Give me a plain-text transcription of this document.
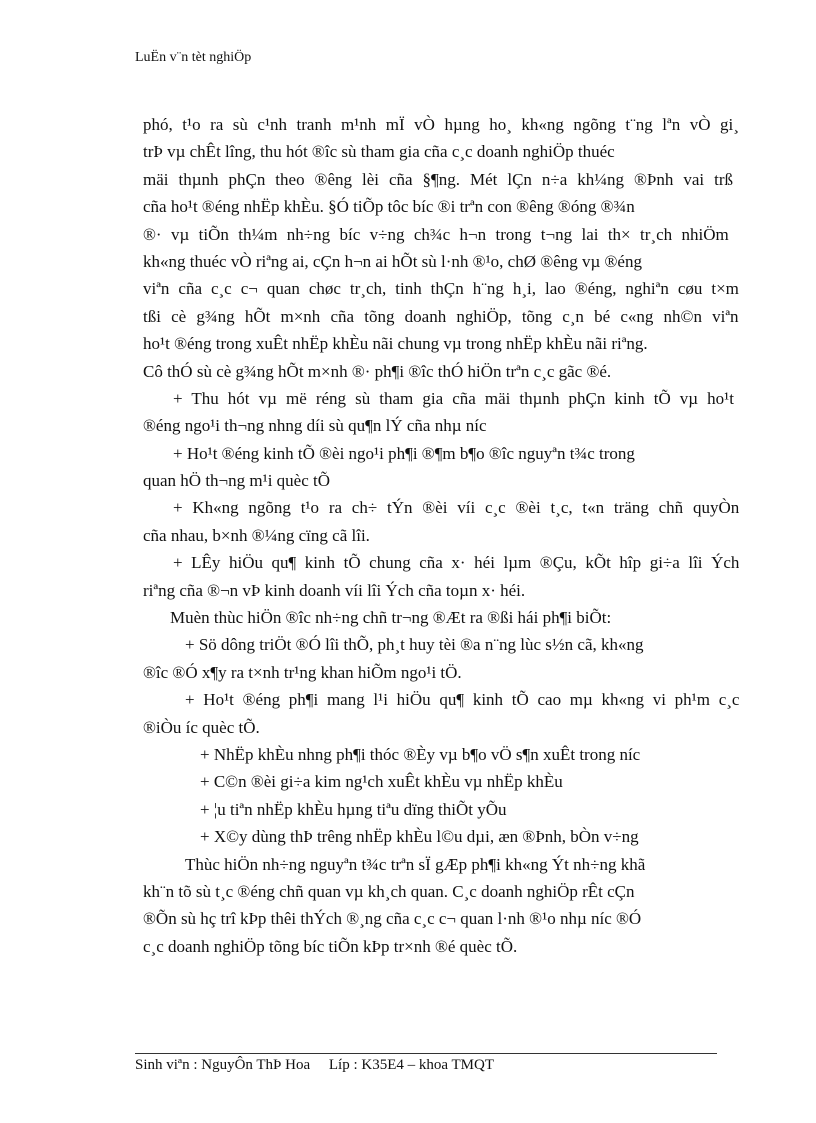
LuËn v¨n tèt nghiÖp
phó, t¹o ra sù c¹nh tranh m¹nh mÏ vÒ hµng ho¸ kh«ng ngõng t¨ng lªn vÒ gi¸
trÞ vµ chÊt lîng, thu hót ®îc sù tham gia cña c¸c doanh nghiÖp thuéc
mäi thµnh phÇn theo ®êng lèi cña §¶ng. Mét lÇn n÷a kh¼ng ®Þnh vai trß
cña ho¹t ®éng nhËp khÈu. §Ó tiÕp tôc bíc ®i trªn con ®êng ®óng ®¾n
®· vµ tiÕn th¼m nh÷ng bíc v÷ng ch¾c h¬n trong t¬ng lai th× tr¸ch nhiÖm
kh«ng thuéc vÒ riªng ai, cÇn h¬n ai hÕt sù l·nh ®¹o, chØ ®êng vµ ®éng
viªn cña c¸c c¬ quan chøc tr¸ch, tinh thÇn h¨ng h¸i, lao ®éng, nghiªn cøu t×m
tßi cè g¾ng hÕt m×nh cña tõng doanh nghiÖp, tõng c¸n bé c«ng nh©n viªn
ho¹t ®éng trong xuÊt nhËp khÈu nãi chung vµ trong nhËp khÈu nãi riªng.
Cô thÓ sù cè g¾ng hÕt m×nh ®· ph¶i ®îc thÓ hiÖn trªn c¸c gãc ®é.
+ Thu hót vµ më réng sù tham gia cña mäi thµnh phÇn kinh tÕ vµ ho¹t
®éng ngo¹i th¬ng nhng díi sù qu¶n lÝ cña nhµ níc
+ Ho¹t ®éng kinh tÕ ®èi ngo¹i ph¶i ®¶m b¶o ®îc nguyªn t¾c trong
quan hÖ th¬ng m¹i quèc tÕ
+ Kh«ng ngõng t¹o ra ch÷ tÝn ®èi víi c¸c ®èi t¸c, t«n träng chñ quyÒn
cña nhau, b×nh ®¼ng cïng cã lîi.
+ LÊy hiÖu qu¶ kinh tÕ chung cña x· héi lµm ®Çu, kÕt hîp gi÷a lîi Ých
riªng cña ®¬n vÞ kinh doanh víi lîi Ých cña toµn x· héi.
Muèn thùc hiÖn ®îc nh÷ng chñ tr¬ng ®Æt ra ®ßi hái ph¶i biÕt:
+ Sö dông triÖt ®Ó lîi thÕ, ph¸t huy tèi ®a n¨ng lùc s½n cã, kh«ng
®îc ®Ó x¶y ra t×nh tr¹ng khan hiÕm ngo¹i tÖ.
+ Ho¹t ®éng ph¶i mang l¹i hiÖu qu¶ kinh tÕ cao mµ kh«ng vi ph¹m c¸c
®iÒu íc quèc tÕ.
+ NhËp khÈu nhng ph¶i thóc ®Èy vµ b¶o vÖ s¶n xuÊt trong níc
+ C©n ®èi gi÷a kim ng¹ch xuÊt khÈu vµ nhËp khÈu
+ ¦u tiªn nhËp khÈu hµng tiªu dïng thiÕt yÕu
+ X©y dùng thÞ trêng nhËp khÈu l©u dµi, æn ®Þnh, bÒn v÷ng
Thùc hiÖn nh÷ng nguyªn t¾c trªn sÏ gÆp ph¶i kh«ng Ýt nh÷ng khã
kh¨n tõ sù t¸c ®éng chñ quan vµ kh¸ch quan. C¸c doanh nghiÖp rÊt cÇn
®Õn sù hç trî kÞp thêi thÝch ®¸ng cña c¸c c¬ quan l·nh ®¹o nhµ níc ®Ó
c¸c doanh nghiÖp tõng bíc tiÕn kÞp tr×nh ®é quèc tÕ.
Sinh viªn : NguyÔn ThÞ Hoa     Líp : K35E4 – khoa TMQT
